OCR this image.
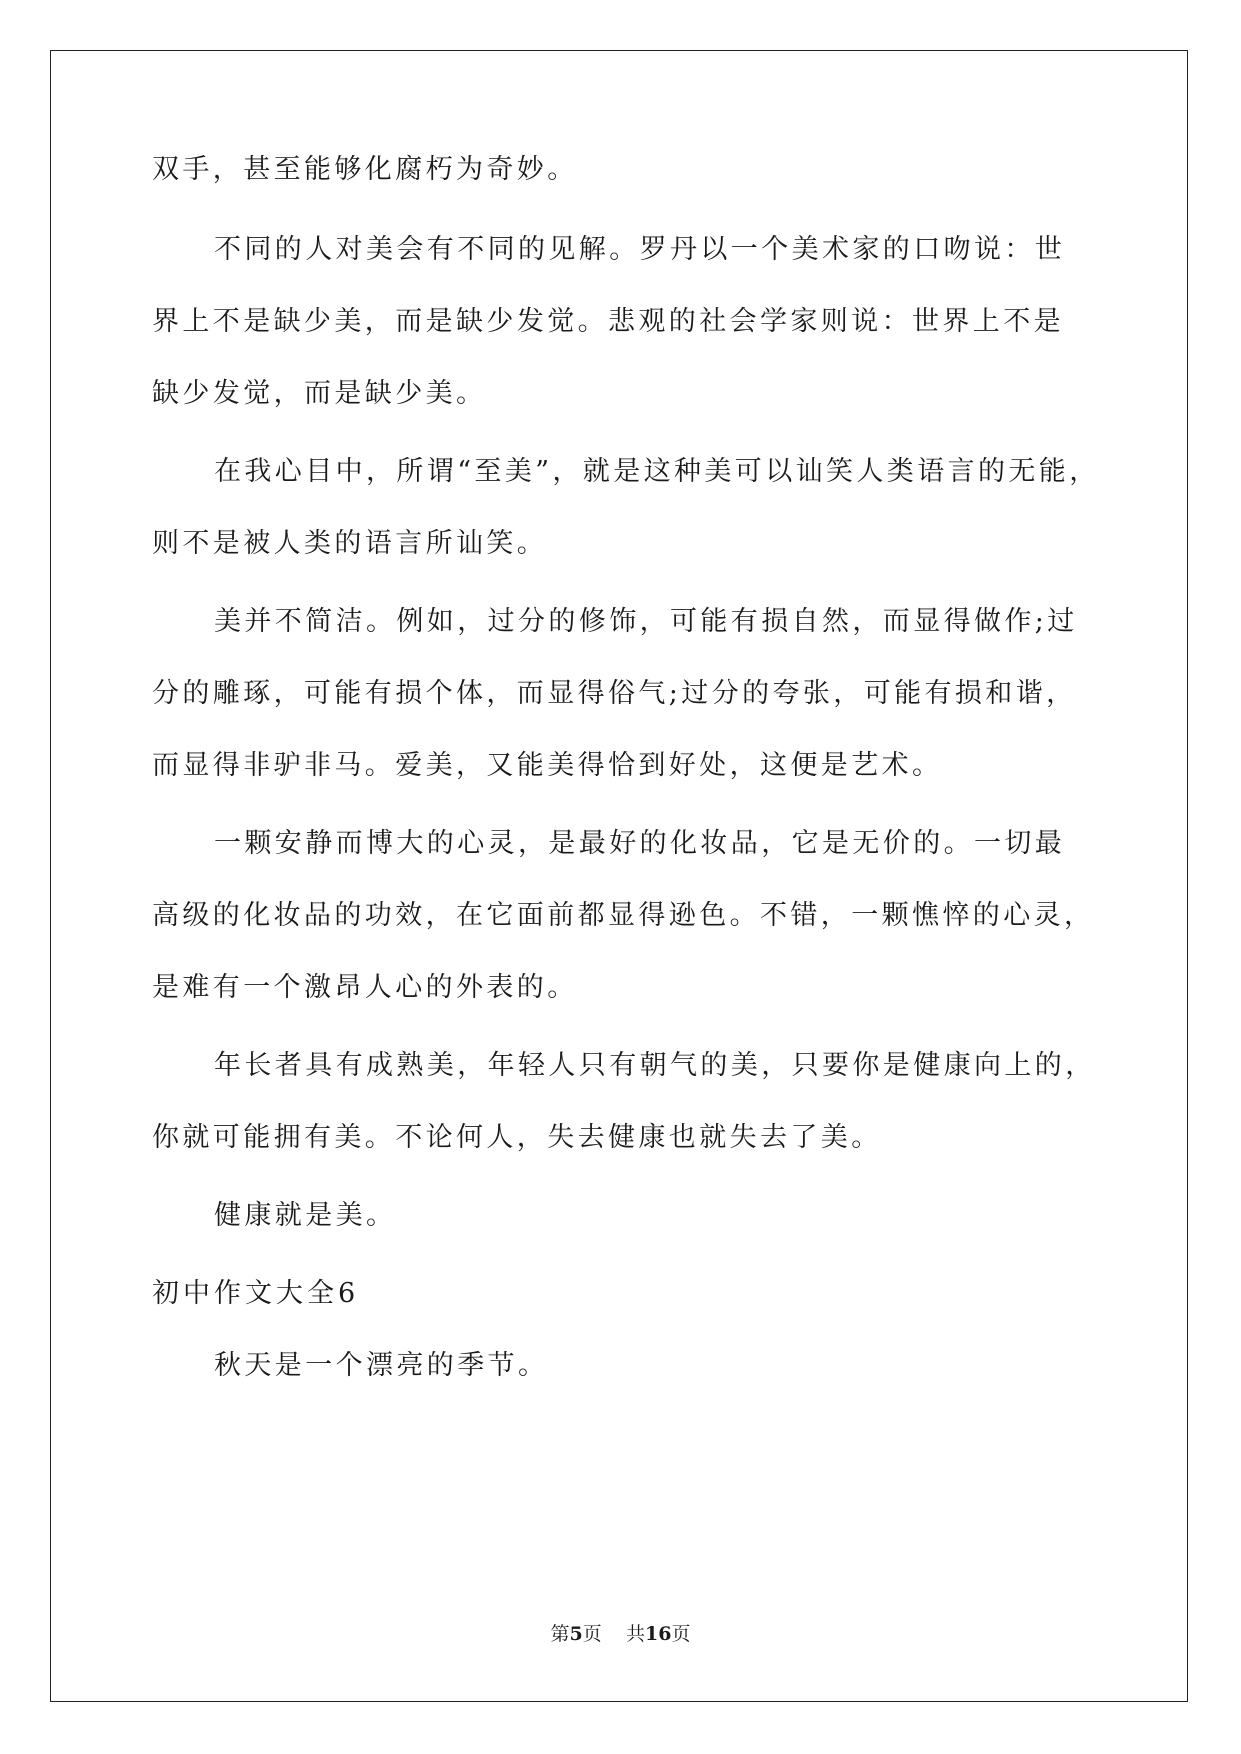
双手，甚至能够化腐朽为奇妙。
不同的人对美会有不同的见解。罗丹以一个美术家的口吻说：世
界上不是缺少美，而是缺少发觉。悲观的社会学家则说：世界上不是
缺少发觉，而是缺少美。
在我心目中，所谓“至美”，就是这种美可以讪笑人类语言的无能，
则不是被人类的语言所讪笑。
美并不简洁。例如，过分的修饰，可能有损自然，而显得做作;过
分的雕琢，可能有损个体，而显得俗气;过分的夸张，可能有损和谐，
而显得非驴非马。爱美，又能美得恰到好处，这便是艺术。
一颗安静而博大的心灵，是最好的化妆品，它是无价的。一切最
高级的化妆品的功效，在它面前都显得逊色。不错，一颗憔悴的心灵，
是难有一个激昂人心的外表的。
年长者具有成熟美，年轻人只有朝气的美，只要你是健康向上的，
你就可能拥有美。不论何人，失去健康也就失去了美。
健康就是美。
初中作文大全6
秋天是一个漂亮的季节。
第5页 共16页
